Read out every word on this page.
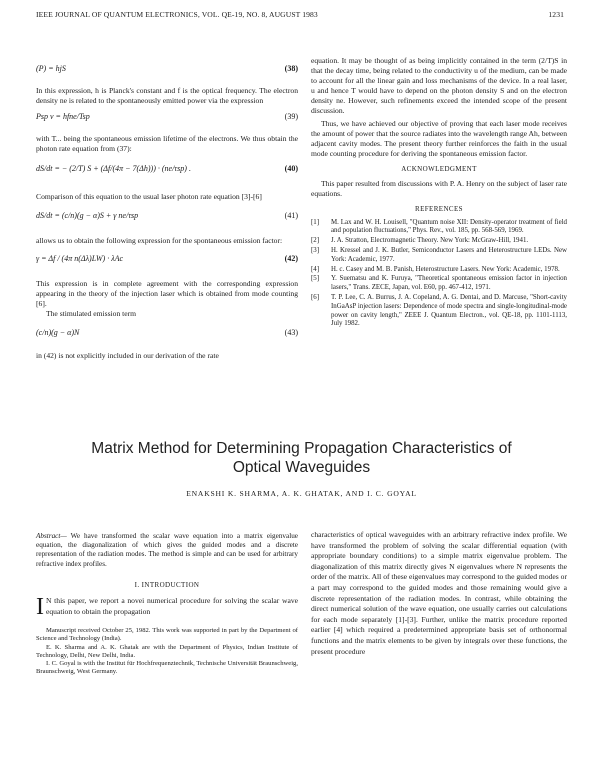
IEEE JOURNAL OF QUANTUM ELECTRONICS, VOL. QE-19, NO. 8, AUGUST 1983	1231
(P) = hjS	(38)

In this expression, h is Planck's constant and f is the optical frequency. The electron density ne is related to the spontaneously emitted power via the expression

Psp v = hfne/Tsp	(39)

with T... being the spontaneous emission lifetime of the electrons. We thus obtain the photon rate equation from (37):

dS/dt = − (2/T) S + (Δf/(4π − 7(Δh))) · (ne/τsp) .	(40)

Comparison of this equation to the usual laser photon rate equation [3]-[6]

dS/dt = (c/n)(g − α)S + γ ne/τsp	(41)

allows us to obtain the following expression for the spontaneous emission factor:

γ = Δf / (4π n(Δλ)LW) · λAc	(42)

This expression is in complete agreement with the corresponding expression appearing in the theory of the injection laser which is obtained from mode counting [6].

The stimulated emission term

(c/n)(g − α)N	(43)

in (42) is not explicitly included in our derivation of the rate

equation. It may be thought of as being implicitly contained in the term (2/T)S in that the decay time, being related to the conductivity u of the medium, can be made to account for all the linear gain and loss mechanisms of the device. In a real laser, u and hence T would have to depend on the photon density S and on the electron density ne. However, such refinements exceed the intended scope of the present discussion.

Thus, we have achieved our objective of proving that each laser mode receives the amount of power that the source radiates into the wavelength range Ah, between adjacent cavity modes. The present theory further reinforces the faith in the usual mode counting procedure for deriving the spontaneous emission factor.

ACKNOWLEDGMENT

This paper resulted from discussions with P. A. Henry on the subject of laser rate equations.

REFERENCES

[1] M. Lax and W. H. Louisell, "Quantum noise XII: Density-operator treatment of field and population fluctuations," Phys. Rev., vol. 185, pp. 568-569, 1969.
[2] J. A. Stratton, Electromagnetic Theory. New York: McGraw-Hill, 1941.
[3] H. Kressel and J. K. Butler, Semiconductor Lasers and Heterostructure LEDs. New York: Academic, 1977.
[4] H. c. Casey and M. B. Panish, Heterostructure Lasers. New York: Academic, 1978.
[5] Y. Suematsu and K. Furuya, "Theoretical spontaneous emission factor in injection lasers," Trans. ZECE, Japan, vol. E60, pp. 467-412, 1971.
[6] T. P. Lee, C. A. Burrus, J. A. Copeland, A. G. Dentai, and D. Marcuse, "Short-cavity InGaAsP injection lasers: Dependence of mode spectra and single-longitudinal-mode power on cavity length," ZEEE J. Quantum Electron., vol. QE-18, pp. 1101-1113, July 1982.
Matrix Method for Determining Propagation Characteristics of
Optical Waveguides
ENAKSHI K. SHARMA, A. K. GHATAK, AND I. C. GOYAL

Abstract— We have transformed the scalar wave equation into a matrix eigenvalue equation, the diagonalization of which gives the guided modes and a discrete representation of the radiation modes. The method is simple and can be used for arbitrary refractive index profiles.

I. INTRODUCTION

I N this paper, we report a novei numerical procedure for solving the scalar wave equation to obtain the propagation

Manuscript received October 25, 1982. This work was supported in part by the Department of Science and Technology (India).

E. K. Sharma and A. K. Ghatak are with the Department of Physics, Indian Institute of Technology, Delhi, New Delhi, India.

I. C. Goyal is with the Institut für Hochfrequenztechnik, Technische Universität Braunschweig, Braunschweig, West Germany.

characteristics of optical waveguides with an arbitrary refractive index profile. We have transformed the problem of solving the scalar differential equation (with appropriate boundary conditions) to a simple matrix eigenvalue problem. The diagonalization of this matrix directly gives N eigenvalues where N represents the order of the matrix. All of these eigenvalues may correspond to the guided modes or a part may correspond to the guided modes and those remaining would give a discrete representation of the radiation modes. In contrast, while obtaining the direct numerical solution of the wave equation, one usually carries out calculations for each mode separately [1]-[3]. Further, unlike the matrix procedure reported earlier [4] which required a predetermined appropriate basis set of orthonormal functions and the matrix elements to be given by integrals over these functions, the present procedure
